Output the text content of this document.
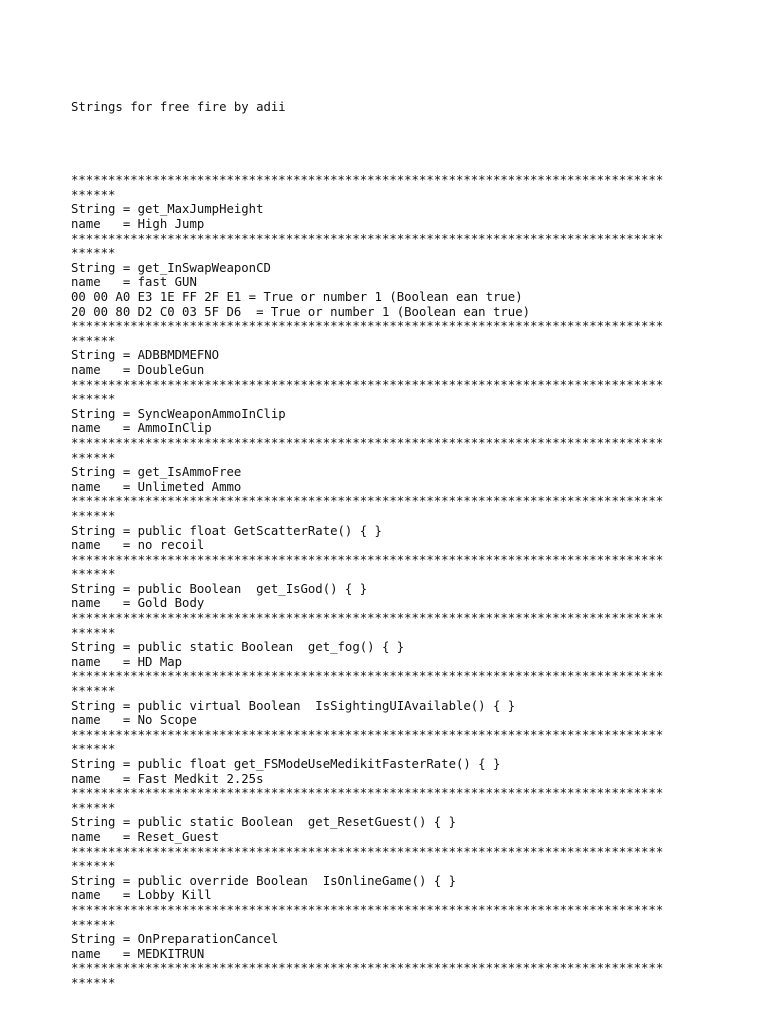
Strings for free fire by adii

********************************************************************************
******
String = get_MaxJumpHeight
name   = High Jump
********************************************************************************
******
String = get_InSwapWeaponCD
name   = fast GUN
00 00 A0 E3 1E FF 2F E1 = True or number 1 (Boolean ean true)
20 00 80 D2 C0 03 5F D6  = True or number 1 (Boolean ean true)
********************************************************************************
******
String = ADBBMDMEFNO
name   = DoubleGun
********************************************************************************
******
String = SyncWeaponAmmoInClip
name   = AmmoInClip
********************************************************************************
******
String = get_IsAmmoFree
name   = Unlimeted Ammo
********************************************************************************
******
String = public float GetScatterRate() { }
name   = no recoil
********************************************************************************
******
String = public Boolean  get_IsGod() { }
name   = Gold Body
********************************************************************************
******
String = public static Boolean  get_fog() { }
name   = HD Map
********************************************************************************
******
String = public virtual Boolean  IsSightingUIAvailable() { }
name   = No Scope
********************************************************************************
******
String = public float get_FSModeUseMedikitFasterRate() { }
name   = Fast Medkit 2.25s
********************************************************************************
******
String = public static Boolean  get_ResetGuest() { }
name   = Reset_Guest
********************************************************************************
******
String = public override Boolean  IsOnlineGame() { }
name   = Lobby Kill
********************************************************************************
******
String = OnPreparationCancel
name   = MEDKITRUN
********************************************************************************
******
